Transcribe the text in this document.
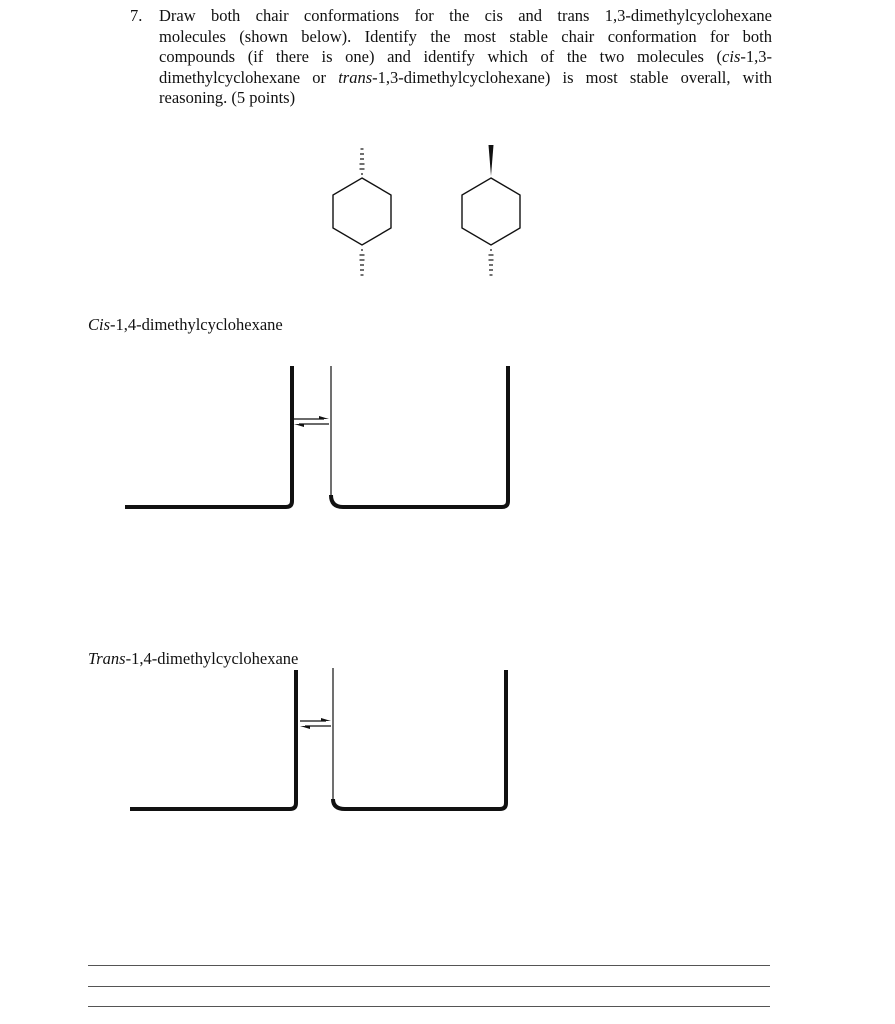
7. Draw both chair conformations for the cis and trans 1,3-dimethylcyclohexane
molecules (shown below). Identify the most stable chair conformation for both
compounds (if there is one) and identify which of the two molecules (cis-1,3-
dimethylcyclohexane or trans-1,3-dimethylcyclohexane) is most stable overall, with
reasoning. (5 points)
Cis-1,4-dimethylcyclohexane
Trans-1,4-dimethylcyclohexane
